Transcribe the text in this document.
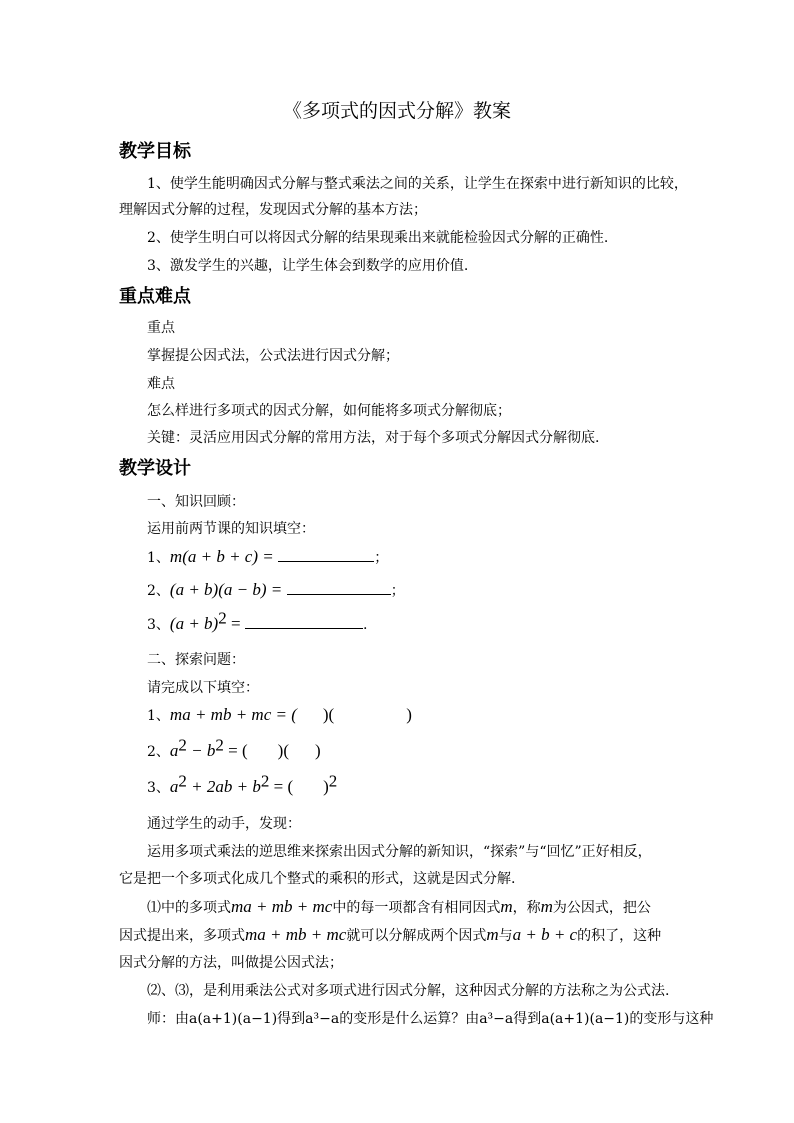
《多项式的因式分解》教案
教学目标
1、使学生能明确因式分解与整式乘法之间的关系，让学生在探索中进行新知识的比较，
理解因式分解的过程，发现因式分解的基本方法；
2、使学生明白可以将因式分解的结果现乘出来就能检验因式分解的正确性.
3、激发学生的兴趣，让学生体会到数学的应用价值.
重点难点
重点
掌握提公因式法，公式法进行因式分解；
难点
怎么样进行多项式的因式分解，如何能将多项式分解彻底；
关键：灵活应用因式分解的常用方法，对于每个多项式分解因式分解彻底.
教学设计
一、知识回顾：
运用前两节课的知识填空：
1、m(a + b + c) =	；
2、(a + b)(a − b) =	；
3、$(a + b)^2$ =	.
二、探索问题：
请完成以下填空：
1、ma + mb + mc = ( )(	)
2、$a^2 - b^2$ = ( )( )
3、$a^2 + 2ab + b^2$ = ( )$^2$
通过学生的动手，发现：
运用多项式乘法的逆思维来探索出因式分解的新知识，“探索”与“回忆”正好相反，
它是把一个多项式化成几个整式的乘积的形式，这就是因式分解.
⑴中的多项式ma + mb + mc中的每一项都含有相同因式m，称m为公因式，把公
因式提出来，多项式ma + mb + mc就可以分解成两个因式m与a + b + c的积了，这种
因式分解的方法，叫做提公因式法；
⑵、⑶，是利用乘法公式对多项式进行因式分解，这种因式分解的方法称之为公式法.
师：由a(a+1)(a−1)得到a³−a的变形是什么运算？由a³−a得到a(a+1)(a−1)的变形与这种
